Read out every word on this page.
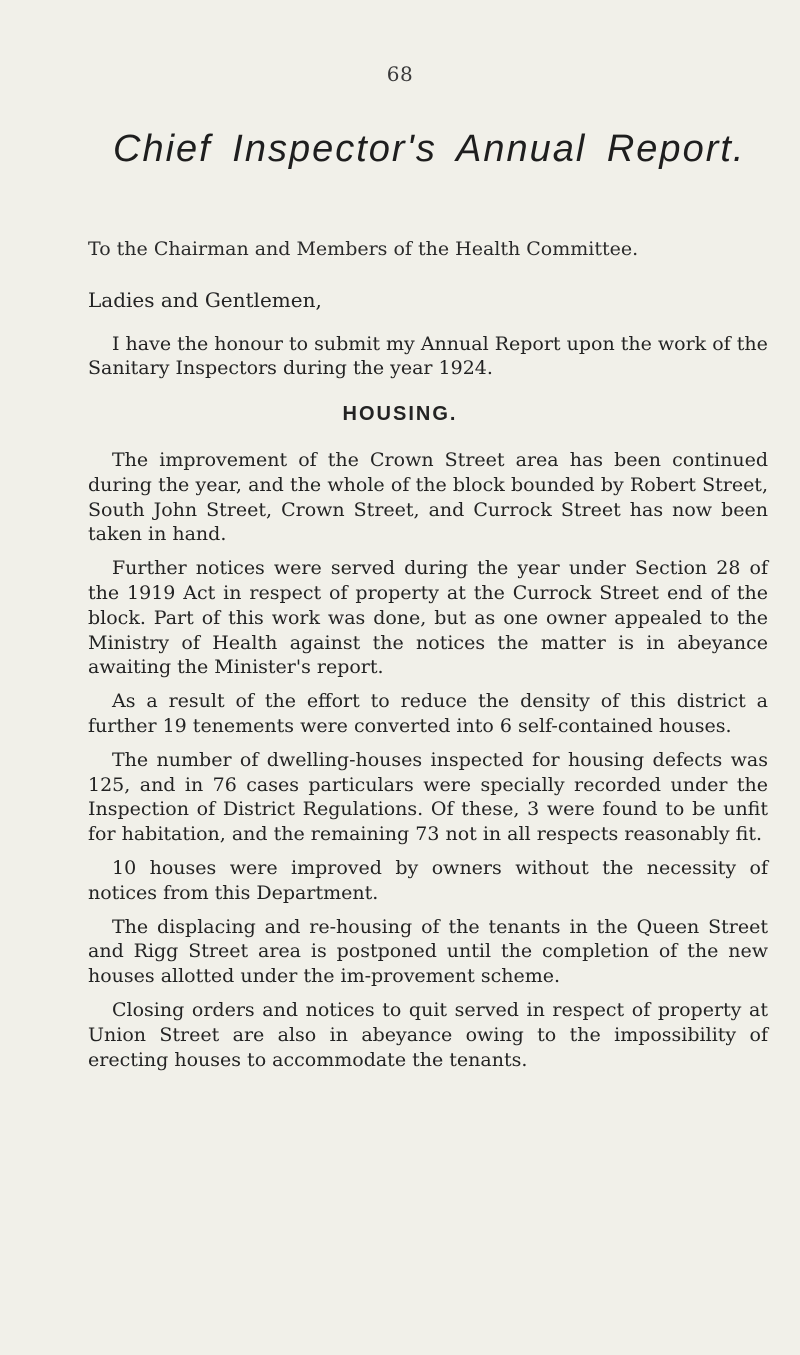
68
Chief Inspector's Annual Report.
To the Chairman and Members of the Health Committee.
Ladies and Gentlemen,

I have the honour to submit my Annual Report upon the work of the Sanitary Inspectors during the year 1924.

HOUSING.

The improvement of the Crown Street area has been continued during the year, and the whole of the block bounded by Robert Street, South John Street, Crown Street, and Currock Street has now been taken in hand.

Further notices were served during the year under Section 28 of the 1919 Act in respect of property at the Currock Street end of the block. Part of this work was done, but as one owner appealed to the Ministry of Health against the notices the matter is in abeyance awaiting the Minister's report.

As a result of the effort to reduce the density of this district a further 19 tenements were converted into 6 self-contained houses.

The number of dwelling-houses inspected for housing defects was 125, and in 76 cases particulars were specially recorded under the Inspection of District Regulations. Of these, 3 were found to be unfit for habitation, and the remaining 73 not in all respects reasonably fit.

10 houses were improved by owners without the necessity of notices from this Department.

The displacing and re-housing of the tenants in the Queen Street and Rigg Street area is postponed until the completion of the new houses allotted under the im-provement scheme.

Closing orders and notices to quit served in respect of property at Union Street are also in abeyance owing to the impossibility of erecting houses to accommodate the tenants.
